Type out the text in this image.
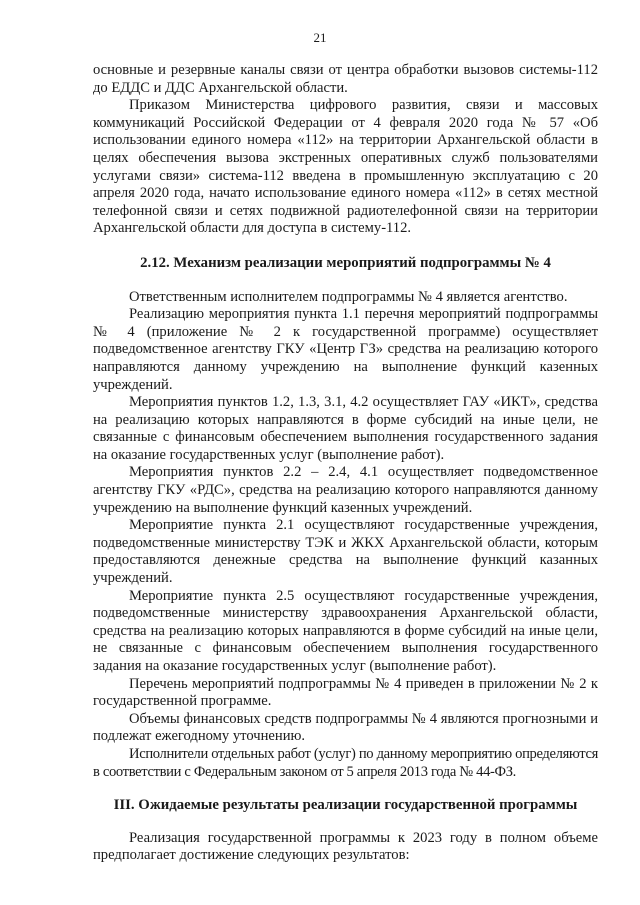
21

основные и резервные каналы связи от центра обработки вызовов системы-112 до ЕДДС и ДДС Архангельской области.

Приказом Министерства цифрового развития, связи и массовых коммуникаций Российской Федерации от 4 февраля 2020 года № 57 «Об использовании единого номера «112» на территории Архангельской области в целях обеспечения вызова экстренных оперативных служб пользователями услугами связи» система-112 введена в промышленную эксплуатацию с 20 апреля 2020 года, начато использование единого номера «112» в сетях местной телефонной связи и сетях подвижной радиотелефонной связи на территории Архангельской области для доступа в систему-112.

2.12. Механизм реализации мероприятий подпрограммы № 4

Ответственным исполнителем подпрограммы № 4 является агентство.

Реализацию мероприятия пункта 1.1 перечня мероприятий подпрограммы № 4 (приложение № 2 к государственной программе) осуществляет подведомственное агентству ГКУ «Центр ГЗ» средства на реализацию которого направляются данному учреждению на выполнение функций казенных учреждений.

Мероприятия пунктов 1.2, 1.3, 3.1, 4.2 осуществляет ГАУ «ИКТ», средства на реализацию которых направляются в форме субсидий на иные цели, не связанные с финансовым обеспечением выполнения государственного задания на оказание государственных услуг (выполнение работ).

Мероприятия пунктов 2.2 – 2.4, 4.1 осуществляет подведомственное агентству ГКУ «РДС», средства на реализацию которого направляются данному учреждению на выполнение функций казенных учреждений.

Мероприятие пункта 2.1 осуществляют государственные учреждения, подведомственные министерству ТЭК и ЖКХ Архангельской области, которым предоставляются денежные средства на выполнение функций казанных учреждений.

Мероприятие пункта 2.5 осуществляют государственные учреждения, подведомственные министерству здравоохранения Архангельской области, средства на реализацию которых направляются в форме субсидий на иные цели, не связанные с финансовым обеспечением выполнения государственного задания на оказание государственных услуг (выполнение работ).

Перечень мероприятий подпрограммы № 4 приведен в приложении № 2 к государственной программе.

Объемы финансовых средств подпрограммы № 4 являются прогнозными и подлежат ежегодному уточнению.

Исполнители отдельных работ (услуг) по данному мероприятию определяются в соответствии с Федеральным законом от 5 апреля 2013 года № 44-ФЗ.

III. Ожидаемые результаты реализации государственной программы

Реализация государственной программы к 2023 году в полном объеме предполагает достижение следующих результатов:
